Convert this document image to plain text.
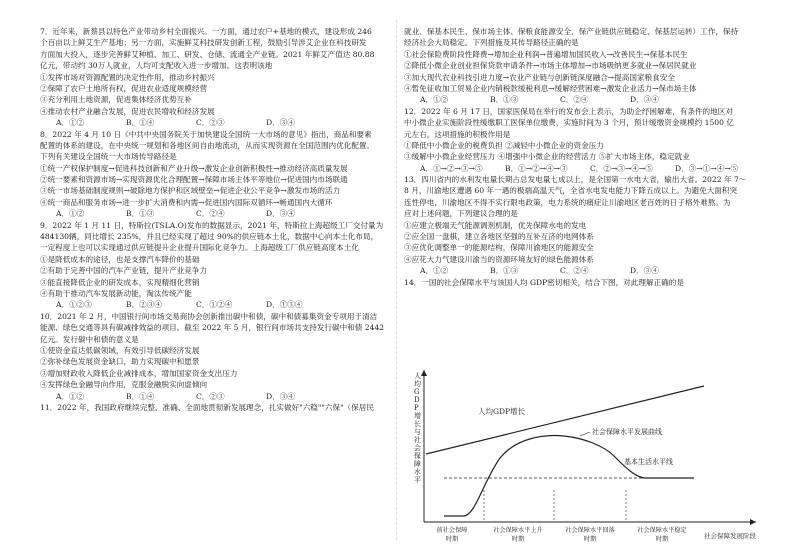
7．近年来，新蔡县以特色产业带动乡村全面振兴。一方面，通过农户+基地的模式，建设形成 246
个百亩以上鲜艾生产基地；另一方面，实施鲜艾科技研发创新工程，鼓励引导涉艾企业在科技研发
方面加大投入，逐步完善鲜艾种植、加工、研发、仓储、流通全产业链。2021 年鲜艾产值达 80.88
亿元，带动约 30万人就业，人均可支配收入进一步增加。这表明该地
①发挥市场对资源配置的决定性作用，推动乡村振兴
②保障了农户土地所有权，促进农业适度规模经营
③充分利用土地资源，促进集体经济优势互补
④推动农村产业融合发展，促进农民增收和经济发展
A．①②	B．①④	C．②③	D．③④
8．2022 年 4 月 10 日《中共中央国务院关于加快建设全国统一大市场的意见》指出，商品和要素
配置的体系的建设，在中央统一规划和各地区间自由地流动，从而实现资源在全国范围内优化配置。
下列有关建设全国统一大市场传导路径是
①统一产权保护制度→促进科技创新和产业升级→激发企业创新积极性→推动经济高质量发展
②统一要素和资源市场→实现资源优化合理配置→保障市场主体平等地位→促进国内市场联通
③统一市场基础制度规则→破除地方保护和区域壁垒→促进企业公平竞争→激发市场的活力
④统一商品和服务市场→进一步扩大消费和内需→促进国内国际双循环→畅通国内大循环
A．①②	B．①③	C．②④	D．③④
9．2022 年 1 月 11 日，特斯拉(TSLA.O)发布的数据显示，2021 年，特斯拉上海超级工厂交付量为
484130辆，同比增长 235%，并且已经实现了超过 90%的供应链本土化，数据中心向本土化布局，
一定程度上也可以实现通过供应链提升企业提升国际化竞争力。上海超级工厂供应链高度本土化
①是降低成本的途径，也是支撑汽车降价的基础
②有助于完善中国的汽车产业链，提升产业竞争力
③能直接降低企业的研发成本，实现精细化营销
④有助于推动汽车发展新动能，淘汰传统产能
A．①②③	B．②③④	C．①②④	D．①③④
10．2021 年 2 月，中国银行间市场交易商协会创新推出碳中和债，碳中和债募集资金专项用于清洁
能源、绿色交通等具有碳减排效益的项目。截至 2022 年 5 月，银行间市场共支持发行碳中和债 2442
亿元。发行碳中和债的意义是
①使资金直达低碳领域，有效引导低碳经济发展
②弥补绿色发展资金缺口，助力实现碳中和愿景
③增加财政收入降低企业减排成本，增加国家资金支出压力
④发挥绿色金融导向作用，克服金融脱实向虚倾向
A．①②	B．①④	C．②③	D．③④
11．2022 年，我国政府继续完整、准确、全面地贯彻新发展理念，扎实做好"六稳""六保"（保居民
就业、保基本民生、保市场主体、保粮食能源安全、保产业链供应链稳定、保基层运转）工作，保持
经济社会大局稳定。下列措施及其传导路径正确的是
①社会保险费阶段性降费→增加企业利润→普遍增加国民收入→改善民生→保基本民生
②降低小微企业创业担保贷款申请条件→市场主体增加→市场吸纳更多就业→保居民就业
③加大现代农业科技引进力度→农业产业链与创新链深度融合→提高国家粮食安全
④暂免征收加工贸易企业内销税款缓税利息→缓解经营困难→激发企业活力→保市场主体
A．①②	B．①③	C．②④	D．③④
12．2022 年 6 月 17 日，国家医保局在举行的发布会上表示，为助企纾困解难，有条件的地区对
中小微企业实施阶段性缓缴职工医保单位缴费，实施时间为 3 个月，预计缓缴资金规模约 1500 亿
元左右。这项措施的积极作用是
①降低中小微企业的税费负担 ②减轻中小微企业的资金压力
③缓解中小微企业经营压力 ④增强中小微企业的经营活力 ⑤扩大市场主体，稳定就业
A．①→②→③→⑤	B．①→②→④→③	C．②→③→④→⑤	D．③→①→④→⑤
13．四川省内的水利发电量长期占总发电量七成以上，是全国第一水电大省，输出大省。2022 年 7～
8 月，川渝地区遭遇 60 年一遇的极端高温天气，全省水电发电能力下降五成以上。为避免大面积突
连性停电，川渝地区不得不实行限电政策，电力系统的痛症让川渝地区老百姓的日子格外难熬。为
应对上述问题，下列建议合理的是
①应建立极端天气能源调剂机制，优先保障水电的发电
②应全国一盘棋，建立各地区坚强的互补互济的电网体系
③应优化调整单一的能源结构，保障川渝地区的能源安全
④应花大力气建设川渝当的资源环境友好的绿色能源体系
A．①②	B．①③	C．②④	D．③④
14．一国的社会保障水平与该国人均 GDP密切相关，结合下图，对此理解正确的是
人均 G D P 增长与社会保障水平
社会保障发展阶段
人均GDP增长
社会保障水平发展曲线
基本生活水平线
前社会保障时期
社会保障水平上升时期
社会保障水平回落时期
社会保障水平稳定时期
